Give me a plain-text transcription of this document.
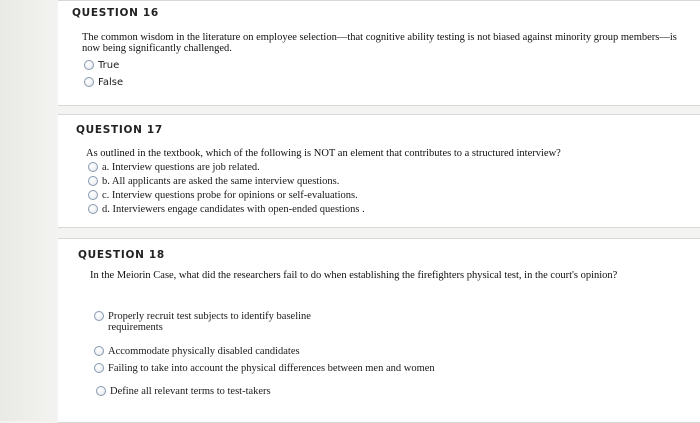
QUESTION 16
The common wisdom in the literature on employee selection—that cognitive ability testing is not biased against minority group members—is now being significantly challenged.
True
False
QUESTION 17
As outlined in the textbook, which of the following is NOT an element that contributes to a structured interview?
a. Interview questions are job related.
b. All applicants are asked the same interview questions.
c. Interview questions probe for opinions or self-evaluations.
d. Interviewers engage candidates with open-ended questions .
QUESTION 18
In the Meiorin Case, what did the researchers fail to do when establishing the firefighters physical test, in the court's opinion?
Properly recruit test subjects to identify baseline requirements
Accommodate physically disabled candidates
Failing to take into account the physical differences between men and women
Define all relevant terms to test-takers
